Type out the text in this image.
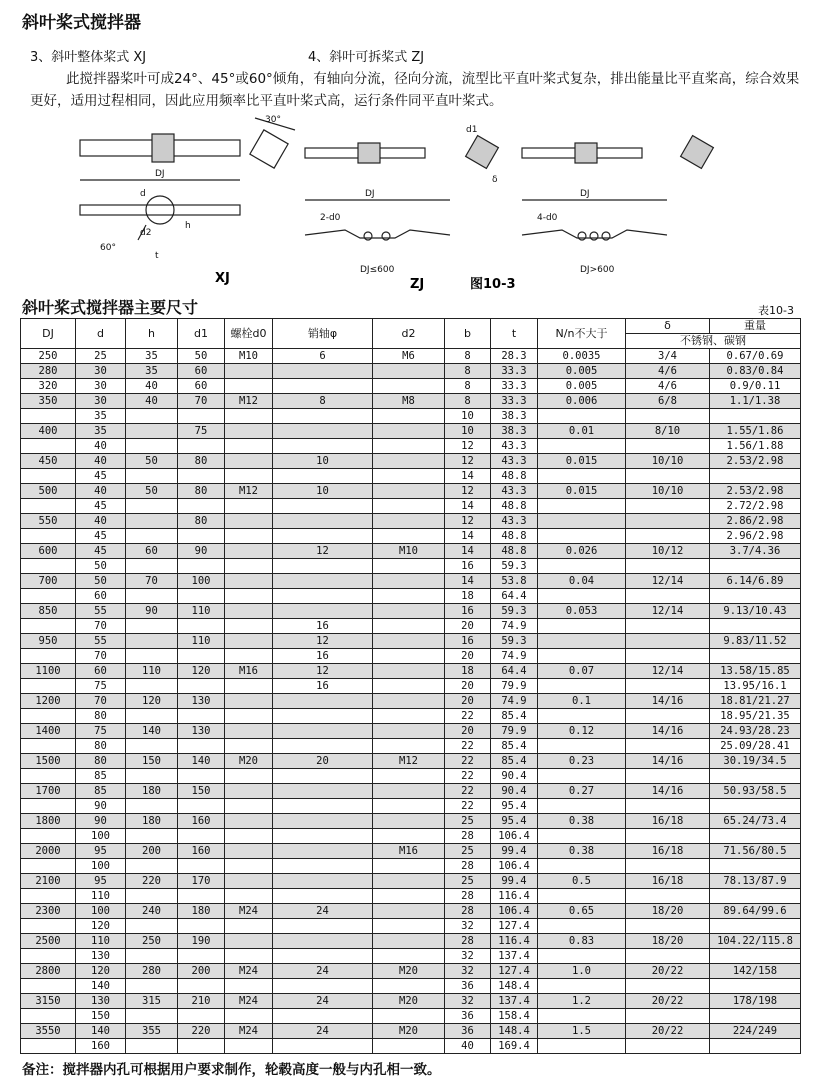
斜叶桨式搅拌器
3、斜叶整体桨式 XJ	4、斜叶可拆桨式 ZJ
此搅拌器桨叶可成24°、45°或60°倾角，有轴向分流，径向分流，流型比平直叶桨式复杂，排出能量比平直桨高，综合效果更好，适用过程相同，因此应用频率比平直叶桨式高，运行条件同平直叶桨式。
30°
DJ
d
d2
h
60°
t
2-d0	4-d0
DJ	DJ
DJ≤600	DJ>600
d1
δ
XJ	ZJ	图10-3
斜叶桨式搅拌器主要尺寸	表10-3
DJ	d	h	d1	螺栓d0	销轴φ	d2	b	t	N/n不大于	δ	重量
										不锈钢、碳钢	
250	25	35	50	M10	6	M6	8	28.3	0.0035	3/4	0.67/0.69
280	30	35	60				8	33.3	0.005	4/6	0.83/0.84
320	30	40	60				8	33.3	0.005	4/6	0.9/0.11
350	30	40	70	M12	8	M8	8	33.3	0.006	6/8	1.1/1.38
	35						10	38.3			
400	35		75				10	38.3	0.01	8/10	1.55/1.86
	40						12	43.3			1.56/1.88
450	40	50	80		10		12	43.3	0.015	10/10	2.53/2.98
	45						14	48.8			
500	40	50	80	M12	10		12	43.3	0.015	10/10	2.53/2.98
	45						14	48.8			2.72/2.98
550	40		80				12	43.3			2.86/2.98
	45						14	48.8			2.96/2.98
600	45	60	90		12	M10	14	48.8	0.026	10/12	3.7/4.36
	50						16	59.3			
700	50	70	100				14	53.8	0.04	12/14	6.14/6.89
	60						18	64.4			
850	55	90	110				16	59.3	0.053	12/14	9.13/10.43
	70				16		20	74.9			
950	55		110		12		16	59.3			9.83/11.52
	70				16		20	74.9			
1100	60	110	120	M16	12		18	64.4	0.07	12/14	13.58/15.85
	75				16		20	79.9			13.95/16.1
1200	70	120	130				20	74.9	0.1	14/16	18.81/21.27
	80						22	85.4			18.95/21.35
1400	75	140	130				20	79.9	0.12	14/16	24.93/28.23
	80						22	85.4			25.09/28.41
1500	80	150	140	M20	20	M12	22	85.4	0.23	14/16	30.19/34.5
	85						22	90.4			
1700	85	180	150				22	90.4	0.27	14/16	50.93/58.5
	90						22	95.4			
1800	90	180	160				25	95.4	0.38	16/18	65.24/73.4
	100						28	106.4			
2000	95	200	160			M16	25	99.4	0.38	16/18	71.56/80.5
	100						28	106.4			
2100	95	220	170				25	99.4	0.5	16/18	78.13/87.9
	110						28	116.4			
2300	100	240	180	M24	24		28	106.4	0.65	18/20	89.64/99.6
	120						32	127.4			
2500	110	250	190				28	116.4	0.83	18/20	104.22/115.8
	130						32	137.4			
2800	120	280	200	M24	24	M20	32	127.4	1.0	20/22	142/158
	140						36	148.4			
3150	130	315	210	M24	24	M20	32	137.4	1.2	20/22	178/198
	150						36	158.4			
3550	140	355	220	M24	24	M20	36	148.4	1.5	20/22	224/249
	160						40	169.4			
备注：搅拌器内孔可根据用户要求制作，轮毂高度一般与内孔相一致。
